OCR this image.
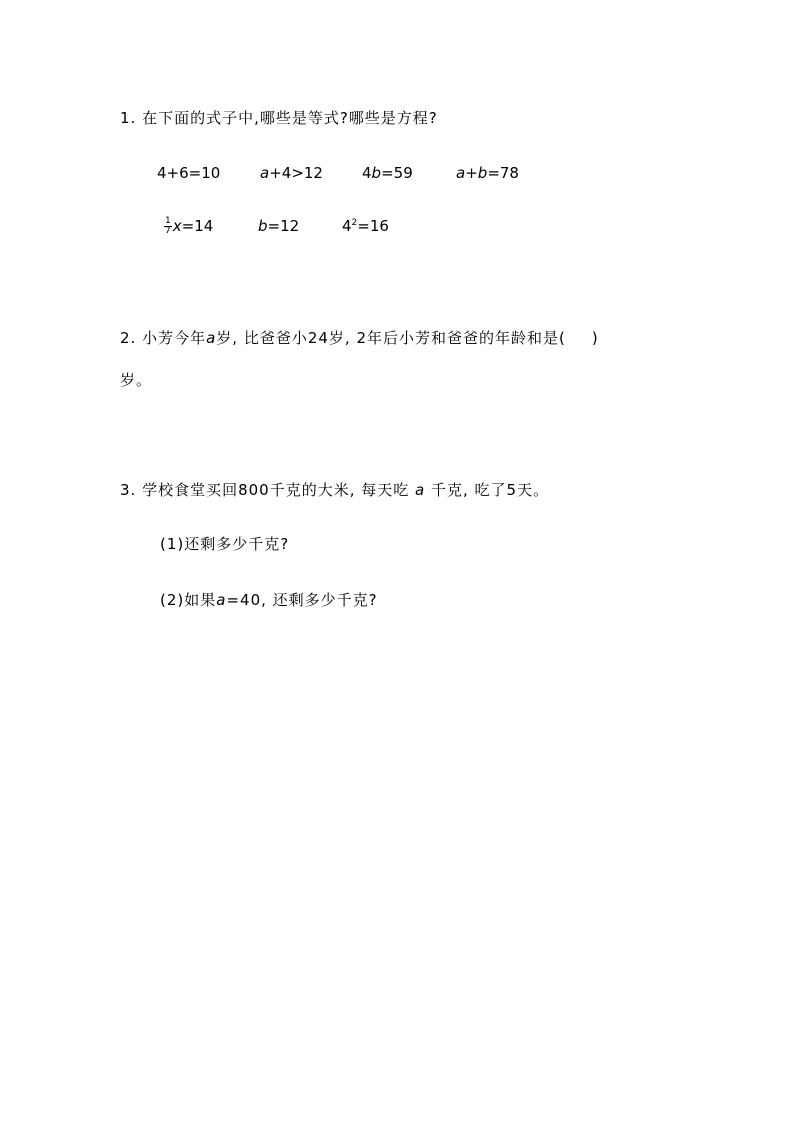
1. 在下面的式子中,哪些是等式?哪些是方程?
4+6=10	a+4>12	4b=59	a+b=78
$\frac{1}{7} x=14$	b=12	$4^2=16$
2. 小芳今年a岁, 比爸爸小24岁, 2年后小芳和爸爸的年龄和是( )
岁。
3. 学校食堂买回800千克的大米, 每天吃 a 千克, 吃了5天。
(1)还剩多少千克?
(2)如果a=40, 还剩多少千克?
